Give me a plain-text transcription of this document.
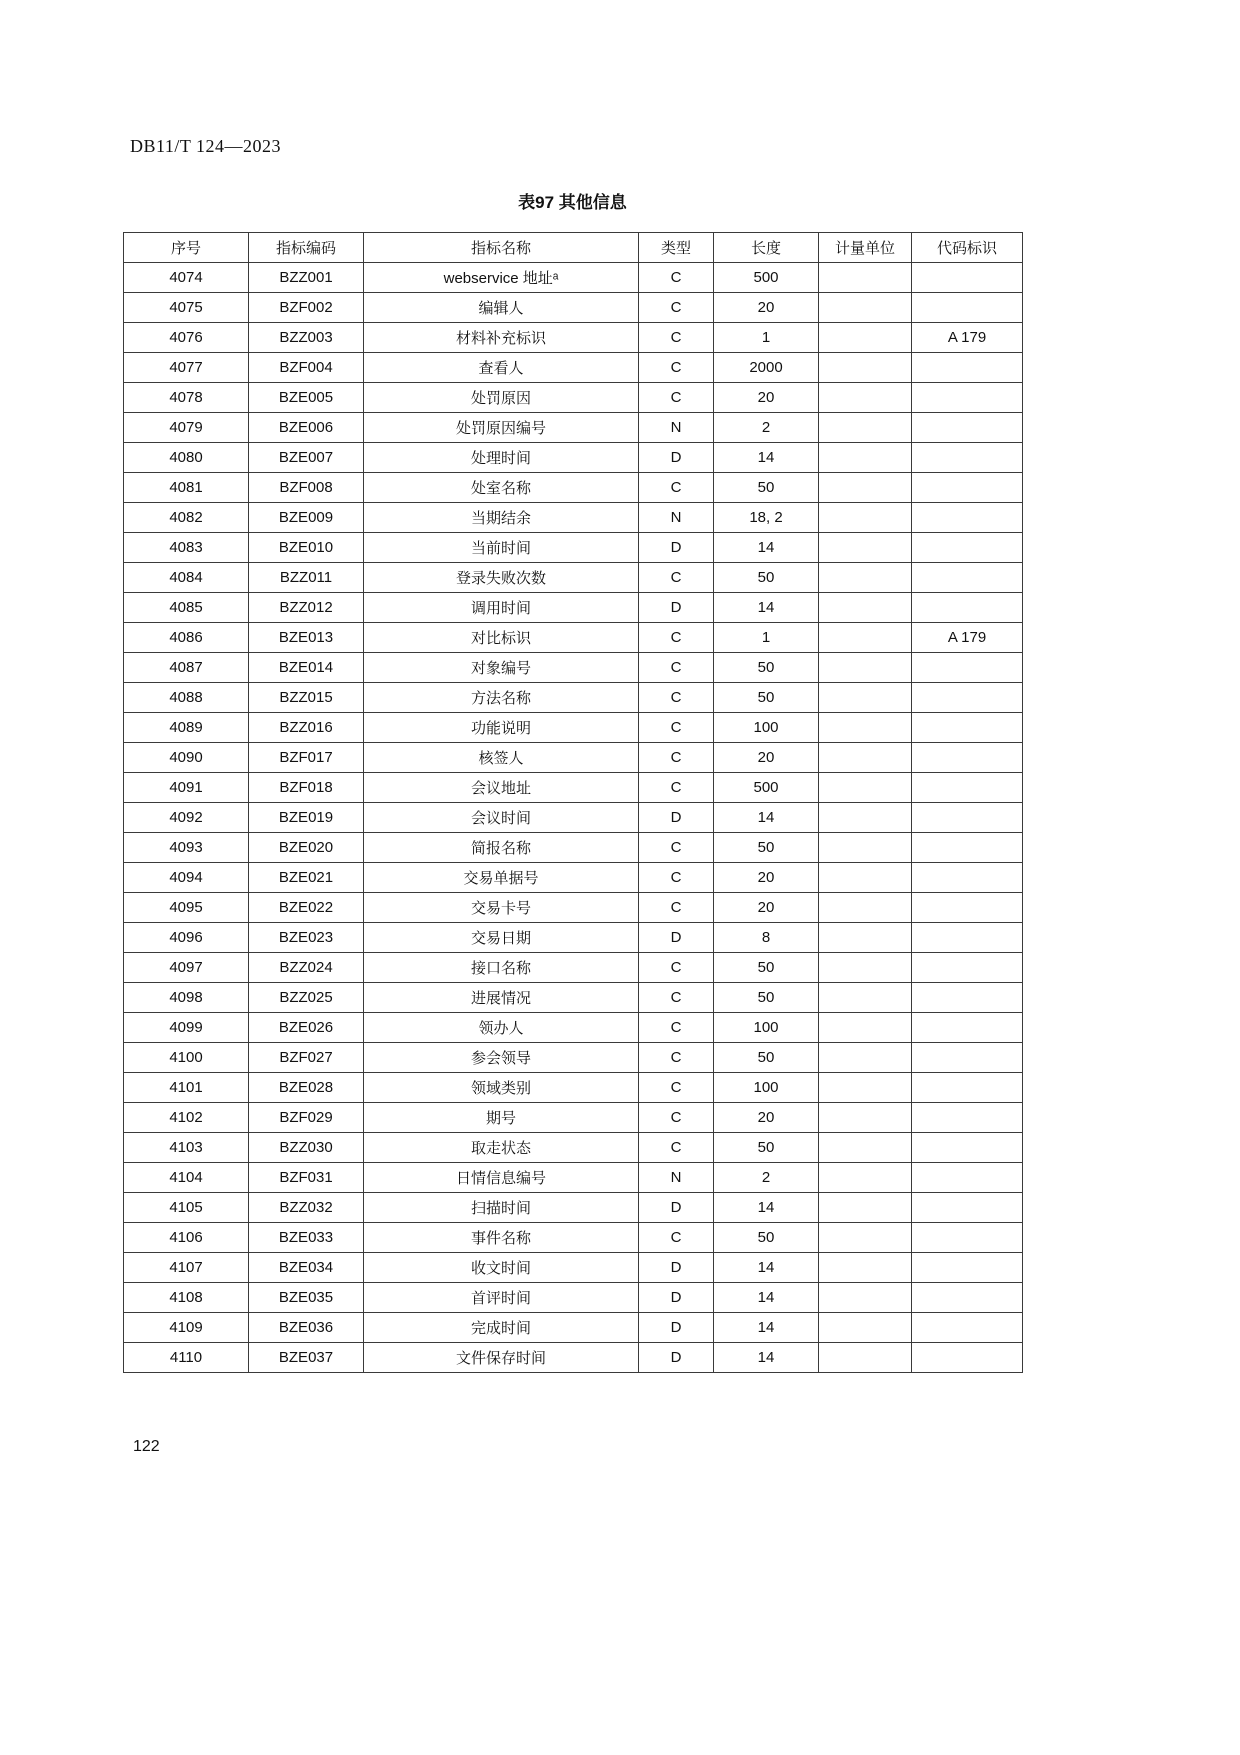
DB11/T 124—2023
表97 其他信息
序号	指标编码	指标名称	类型	长度	计量单位	代码标识
4074	BZZ001	webservice 地址ᵃ	C	500		
4075	BZF002	编辑人	C	20		
4076	BZZ003	材料补充标识	C	1		A 179
4077	BZF004	查看人	C	2000		
4078	BZE005	处罚原因	C	20		
4079	BZE006	处罚原因编号	N	2		
4080	BZE007	处理时间	D	14		
4081	BZF008	处室名称	C	50		
4082	BZE009	当期结余	N	18, 2		
4083	BZE010	当前时间	D	14		
4084	BZZ011	登录失败次数	C	50		
4085	BZZ012	调用时间	D	14		
4086	BZE013	对比标识	C	1		A 179
4087	BZE014	对象编号	C	50		
4088	BZZ015	方法名称	C	50		
4089	BZZ016	功能说明	C	100		
4090	BZF017	核签人	C	20		
4091	BZF018	会议地址	C	500		
4092	BZE019	会议时间	D	14		
4093	BZE020	简报名称	C	50		
4094	BZE021	交易单据号	C	20		
4095	BZE022	交易卡号	C	20		
4096	BZE023	交易日期	D	8		
4097	BZZ024	接口名称	C	50		
4098	BZZ025	进展情况	C	50		
4099	BZE026	领办人	C	100		
4100	BZF027	参会领导	C	50		
4101	BZE028	领域类别	C	100		
4102	BZF029	期号	C	20		
4103	BZZ030	取走状态	C	50		
4104	BZF031	日情信息编号	N	2		
4105	BZZ032	扫描时间	D	14		
4106	BZE033	事件名称	C	50		
4107	BZE034	收文时间	D	14		
4108	BZE035	首评时间	D	14		
4109	BZE036	完成时间	D	14		
4110	BZE037	文件保存时间	D	14		
122
